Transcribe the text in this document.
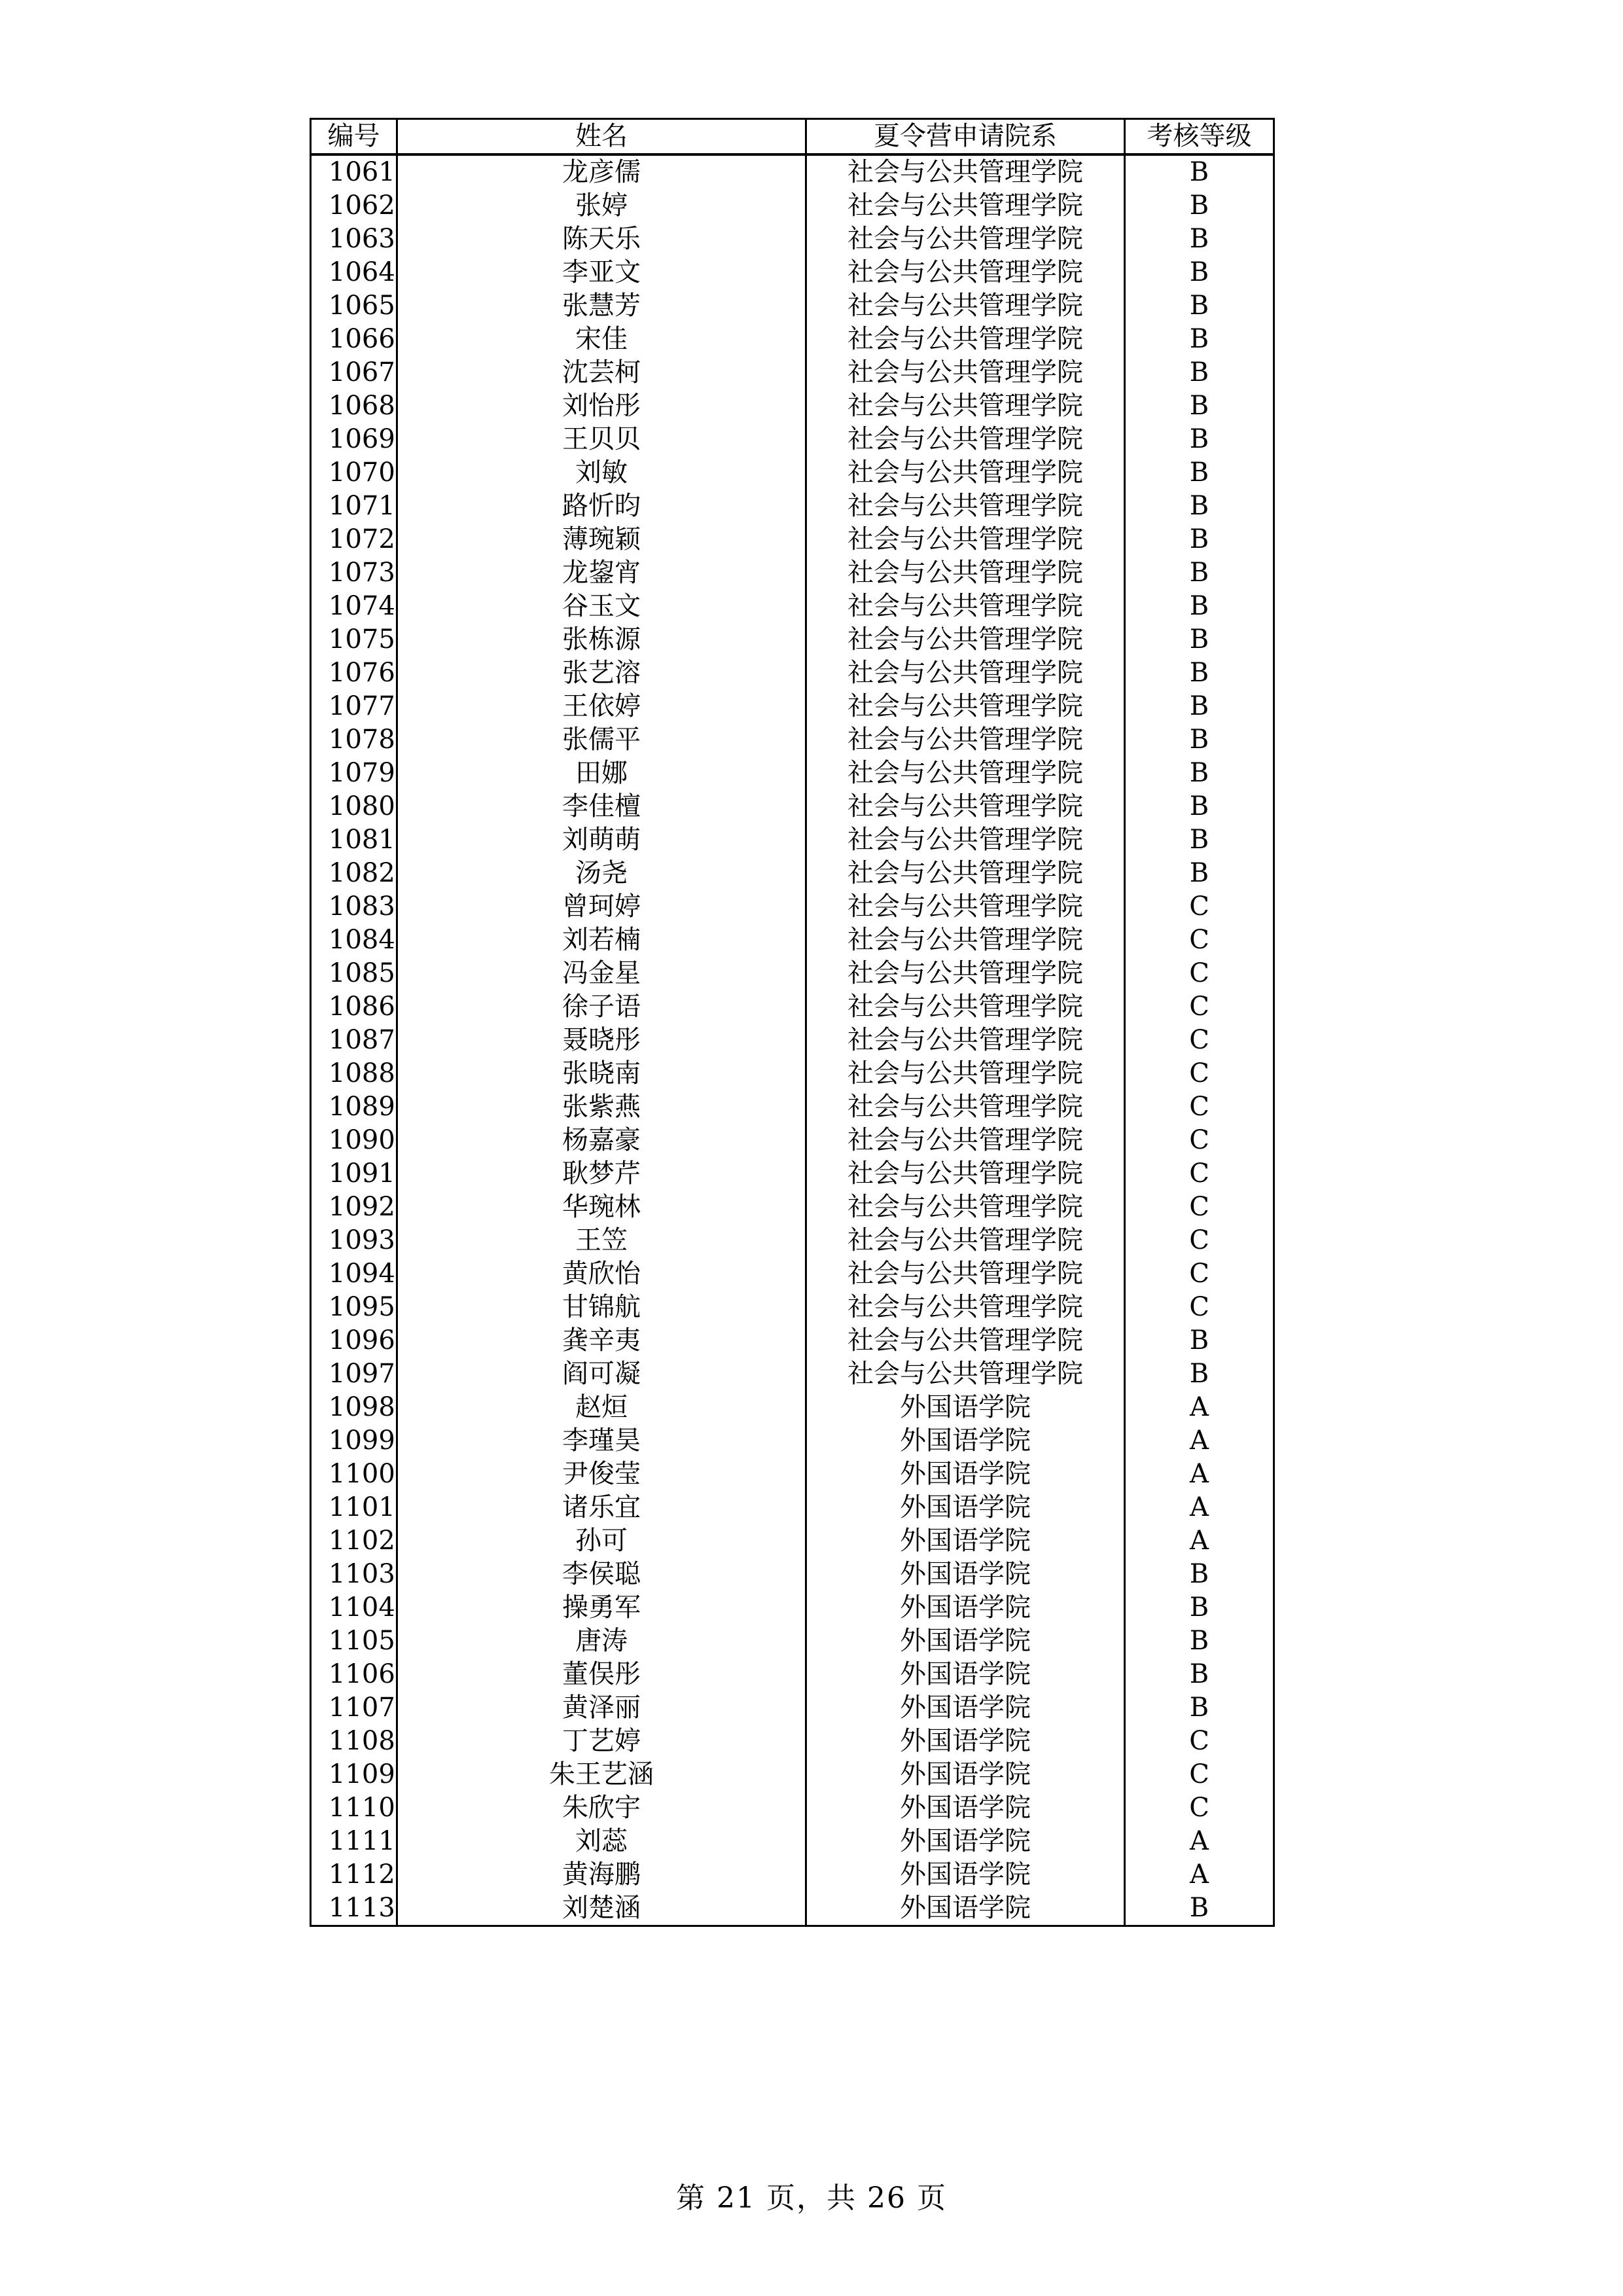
编号	姓名	夏令营申请院系	考核等级
1061	龙彦儒	社会与公共管理学院	B
1062	张婷	社会与公共管理学院	B
1063	陈天乐	社会与公共管理学院	B
1064	李亚文	社会与公共管理学院	B
1065	张慧芳	社会与公共管理学院	B
1066	宋佳	社会与公共管理学院	B
1067	沈芸柯	社会与公共管理学院	B
1068	刘怡彤	社会与公共管理学院	B
1069	王贝贝	社会与公共管理学院	B
1070	刘敏	社会与公共管理学院	B
1071	路忻昀	社会与公共管理学院	B
1072	薄琬颖	社会与公共管理学院	B
1073	龙鋆宵	社会与公共管理学院	B
1074	谷玉文	社会与公共管理学院	B
1075	张栋源	社会与公共管理学院	B
1076	张艺溶	社会与公共管理学院	B
1077	王依婷	社会与公共管理学院	B
1078	张儒平	社会与公共管理学院	B
1079	田娜	社会与公共管理学院	B
1080	李佳檀	社会与公共管理学院	B
1081	刘萌萌	社会与公共管理学院	B
1082	汤尧	社会与公共管理学院	B
1083	曾珂婷	社会与公共管理学院	C
1084	刘若楠	社会与公共管理学院	C
1085	冯金星	社会与公共管理学院	C
1086	徐子语	社会与公共管理学院	C
1087	聂晓彤	社会与公共管理学院	C
1088	张晓南	社会与公共管理学院	C
1089	张紫燕	社会与公共管理学院	C
1090	杨嘉豪	社会与公共管理学院	C
1091	耿梦芹	社会与公共管理学院	C
1092	华琬林	社会与公共管理学院	C
1093	王笠	社会与公共管理学院	C
1094	黄欣怡	社会与公共管理学院	C
1095	甘锦航	社会与公共管理学院	C
1096	龚辛夷	社会与公共管理学院	B
1097	阎可凝	社会与公共管理学院	B
1098	赵烜	外国语学院	A
1099	李瑾昊	外国语学院	A
1100	尹俊莹	外国语学院	A
1101	诸乐宜	外国语学院	A
1102	孙可	外国语学院	A
1103	李侯聪	外国语学院	B
1104	操勇军	外国语学院	B
1105	唐涛	外国语学院	B
1106	董俣彤	外国语学院	B
1107	黄泽丽	外国语学院	B
1108	丁艺婷	外国语学院	C
1109	朱王艺涵	外国语学院	C
1110	朱欣宇	外国语学院	C
1111	刘蕊	外国语学院	A
1112	黄海鹏	外国语学院	A
1113	刘楚涵	外国语学院	B
第 21 页，共 26 页
